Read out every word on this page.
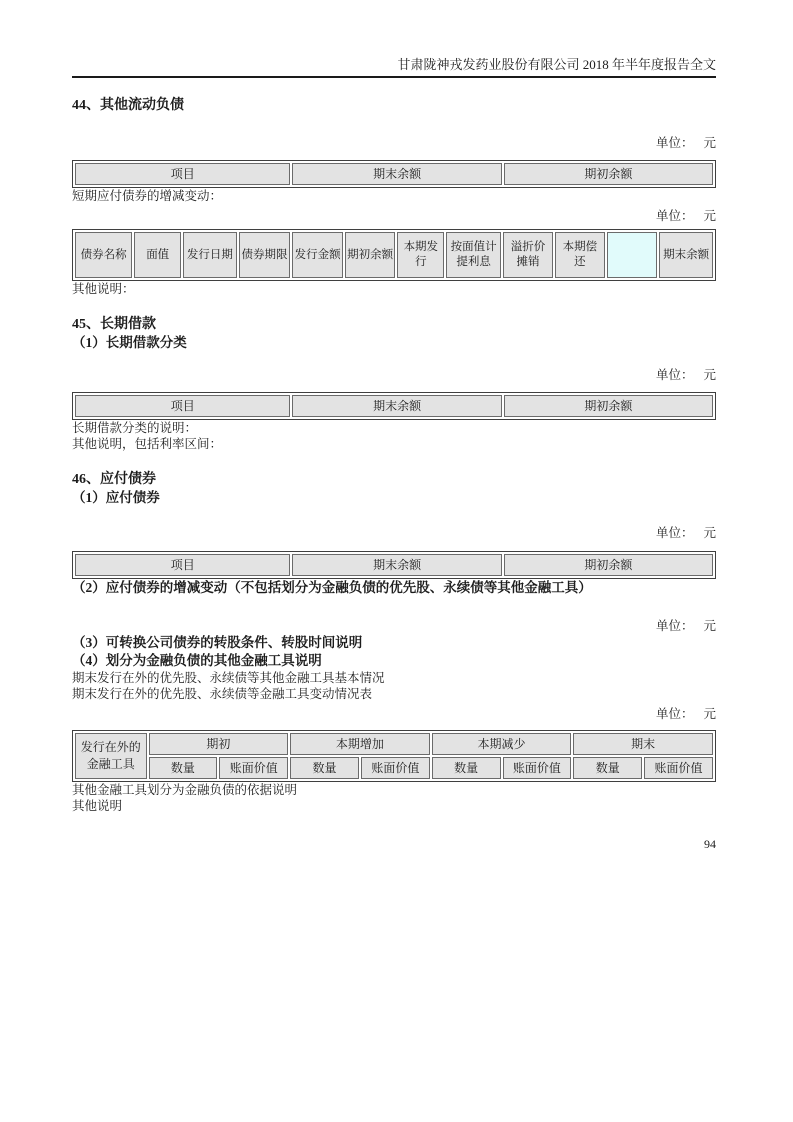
甘肃陇神戎发药业股份有限公司 2018 年半年度报告全文
44、其他流动负债
单位： 元
项目	期末余额	期初余额

短期应付债券的增减变动：

单位： 元
债券名称	面值	发行日期	债券期限	发行金额	期初余额	本期发行	按面值计提利息	溢折价摊销	本期偿还		期末余额

其他说明：

45、长期借款
（1）长期借款分类
单位： 元
项目	期末余额	期初余额

长期借款分类的说明：

其他说明，包括利率区间：

46、应付债券
（1）应付债券
单位： 元
项目	期末余额	期初余额
（2）应付债券的增减变动（不包括划分为金融负债的优先股、永续债等其他金融工具）
单位： 元
（3）可转换公司债券的转股条件、转股时间说明
（4）划分为金融负债的其他金融工具说明

期末发行在外的优先股、永续债等其他金融工具基本情况

期末发行在外的优先股、永续债等金融工具变动情况表

单位： 元
发行在外的金融工具	期初		本期增加		本期减少		期末	
	数量	账面价值	数量	账面价值	数量	账面价值	数量	账面价值

其他金融工具划分为金融负债的依据说明

其他说明

94
